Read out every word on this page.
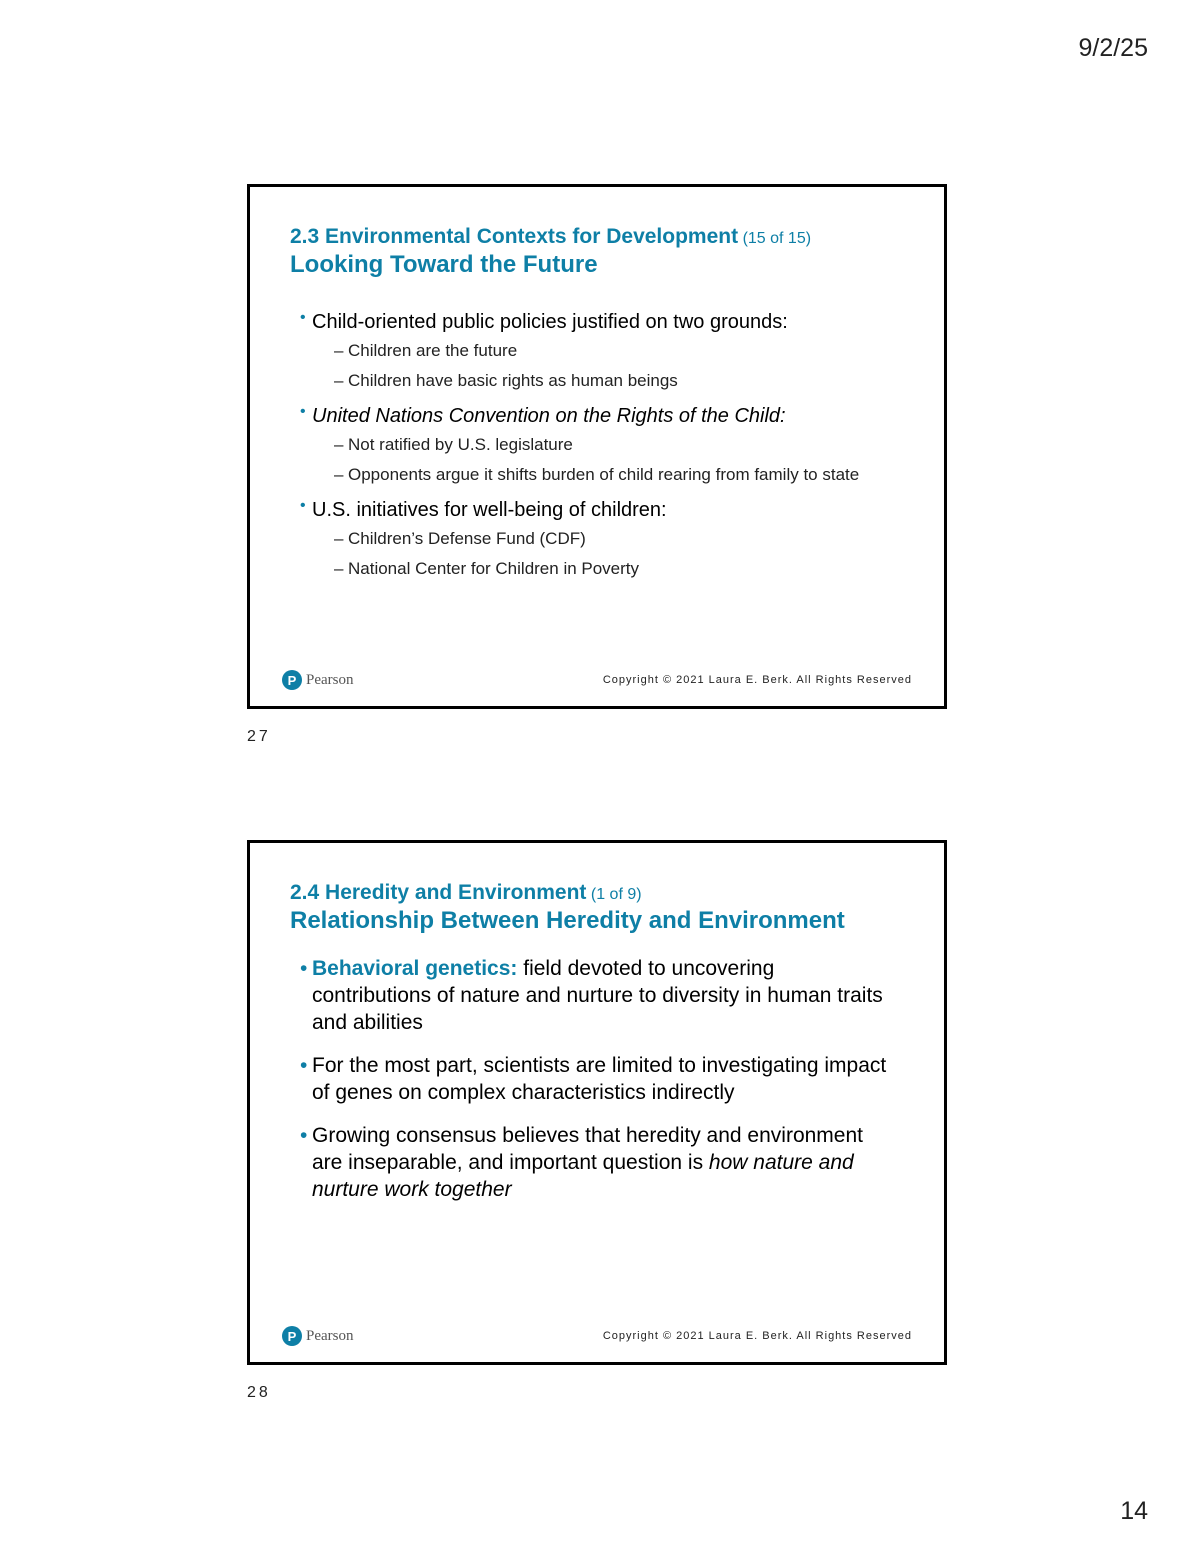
9/2/25
2.3 Environmental Contexts for Development (15 of 15)
Looking Toward the Future
• Child-oriented public policies justified on two grounds:
– Children are the future
– Children have basic rights as human beings
• United Nations Convention on the Rights of the Child:
– Not ratified by U.S. legislature
– Opponents argue it shifts burden of child rearing from family to state
• U.S. initiatives for well-being of children:
– Children’s Defense Fund (CDF)
– National Center for Children in Poverty
P Pearson	Copyright © 2021 Laura E. Berk. All Rights Reserved
27
2.4 Heredity and Environment (1 of 9)
Relationship Between Heredity and Environment
• Behavioral genetics: field devoted to uncovering contributions of nature and nurture to diversity in human traits and abilities
• For the most part, scientists are limited to investigating impact of genes on complex characteristics indirectly
• Growing consensus believes that heredity and environment are inseparable, and important question is how nature and nurture work together
P Pearson	Copyright © 2021 Laura E. Berk. All Rights Reserved
28
14
